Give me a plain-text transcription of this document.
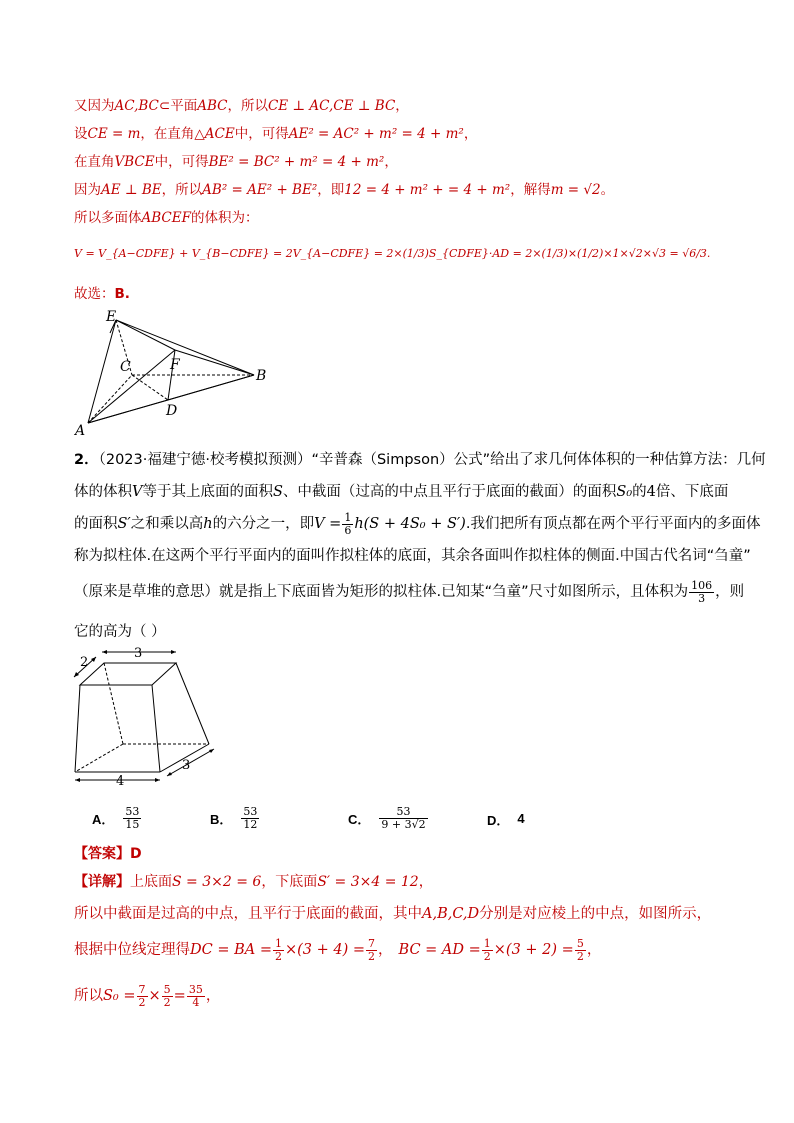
又因为AC,BC⊂平面ABC，所以CE ⊥ AC,CE ⊥ BC，
设CE = m，在直角△ACE中，可得AE² = AC² + m² = 4 + m²，
在直角VBCE中，可得BE² = BC² + m² = 4 + m²，
因为AE ⊥ BE，所以AB² = AE² + BE²，即12 = 4 + m² + = 4 + m²，解得m = √2。
所以多面体ABCEF的体积为：
V = V_{A−CDFE} + V_{B−CDFE} = 2V_{A−CDFE} = 2×(1/3)S_{CDFE}·AD = 2×(1/3)×(1/2)×1×√2×√3 = √6/3.
故选：B.
E
C	F
B
D
A
2．（2023·福建宁德·校考模拟预测）“辛普森（Simpson）公式”给出了求几何体体积的一种估算方法：几何
体的体积V等于其上底面的面积S、中截面（过高的中点且平行于底面的截面）的面积S₀的4倍、下底面
的面积S′之和乘以高h的六分之一，即$V = \frac{1}{6} h(S + 4S_0 + S')$.我们把所有顶点都在两个平行平面内的多面体
称为拟柱体.在这两个平行平面内的面叫作拟柱体的底面，其余各面叫作拟柱体的侧面.中国古代名词“刍童”
（原来是草堆的意思）就是指上下底面皆为矩形的拟柱体.已知某“刍童”尺寸如图所示，且体积为 $\frac{106}{3}$ ，则
它的高为（ ）
2
3
4
3
A． $\frac{53}{15}$	B． $\frac{53}{12}$	C． $\frac{53}{9 + 3√2}$	D． 4
【答案】D
【详解】上底面S = 3×2 = 6，下底面S′ = 3×4 = 12，
所以中截面是过高的中点，且平行于底面的截面，其中A,B,C,D分别是对应棱上的中点，如图所示，
根据中位线定理得DC = BA = $\frac{1}{2} \times(3 + 4) = \frac{7}{2}$ ， BC = AD = $\frac{1}{2} \times(3 + 2) = \frac{5}{2}$ ，
所以$S_0 = \frac{7}{2} \times \frac{5}{2} = \frac{35}{4}$ ，
